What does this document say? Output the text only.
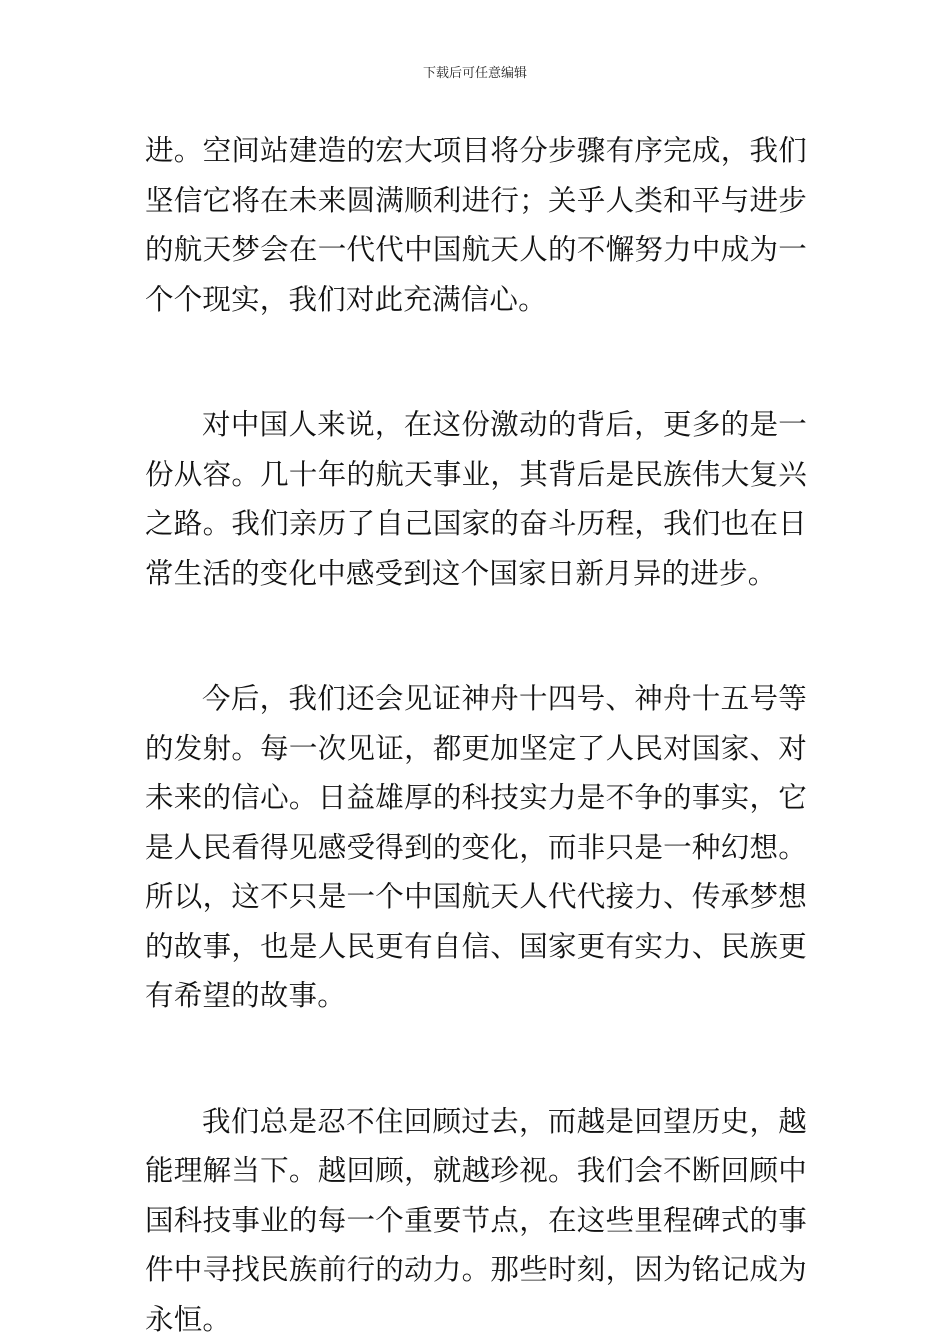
下载后可任意编辑

进。空间站建造的宏大项目将分步骤有序完成，我们坚信它将在未来圆满顺利进行；关乎人类和平与进步的航天梦会在一代代中国航天人的不懈努力中成为一个个现实，我们对此充满信心。

对中国人来说，在这份激动的背后，更多的是一份从容。几十年的航天事业，其背后是民族伟大复兴之路。我们亲历了自己国家的奋斗历程，我们也在日常生活的变化中感受到这个国家日新月异的进步。

今后，我们还会见证神舟十四号、神舟十五号等的发射。每一次见证，都更加坚定了人民对国家、对未来的信心。日益雄厚的科技实力是不争的事实，它是人民看得见感受得到的变化，而非只是一种幻想。所以，这不只是一个中国航天人代代接力、传承梦想的故事，也是人民更有自信、国家更有实力、民族更有希望的故事。

我们总是忍不住回顾过去，而越是回望历史，越能理解当下。越回顾，就越珍视。我们会不断回顾中国科技事业的每一个重要节点，在这些里程碑式的事件中寻找民族前行的动力。那些时刻，因为铭记成为永恒。
